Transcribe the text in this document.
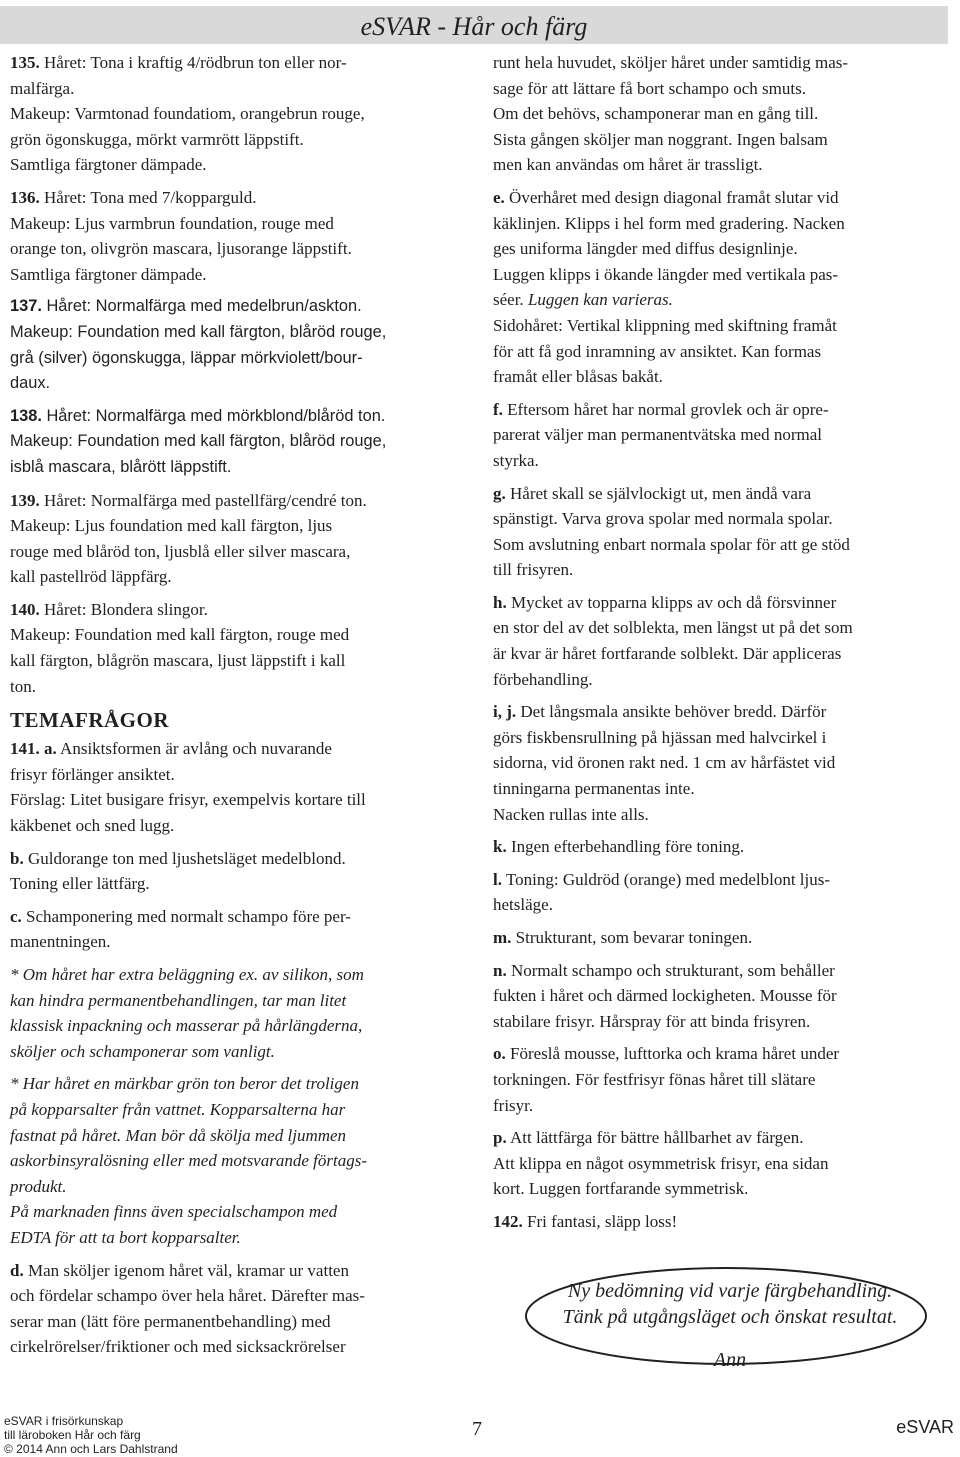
eSVAR - Hår och färg
135. Håret: Tona i kraftig 4/rödbrun ton eller nor-
malfärga.
Makeup: Varmtonad foundatiom, orangebrun rouge,
grön ögonskugga, mörkt varmrött läppstift.
Samtliga färgtoner dämpade.
136. Håret: Tona med 7/kopparguld.
Makeup: Ljus varmbrun foundation, rouge med
orange ton, olivgrön mascara, ljusorange läppstift.
Samtliga färgtoner dämpade.
137. Håret: Normalfärga med medelbrun/askton.
Makeup: Foundation med kall färgton, blåröd rouge,
grå (silver) ögonskugga, läppar mörkviolett/bour-
daux.
138. Håret: Normalfärga med mörkblond/blåröd ton.
Makeup: Foundation med kall färgton, blåröd rouge,
isblå mascara, blårött läppstift.
139. Håret: Normalfärga med pastellfärg/cendré ton.
Makeup: Ljus foundation med kall färgton, ljus
rouge med blåröd ton, ljusblå eller silver mascara,
kall pastellröd läppfärg.
140. Håret: Blondera slingor.
Makeup: Foundation med kall färgton, rouge med
kall färgton, blågrön mascara, ljust läppstift i kall
ton.
TEMAFRÅGOR
141. a. Ansiktsformen är avlång och nuvarande
frisyr förlänger ansiktet.
Förslag: Litet busigare frisyr, exempelvis kortare till
käkbenet och sned lugg.
b. Guldorange ton med ljushetsläget medelblond.
Toning eller lättfärg.
c. Schamponering med normalt schampo före per-
manentningen.
* Om håret har extra beläggning ex. av silikon, som
kan hindra permanentbehandlingen, tar man litet
klassisk inpackning och masserar på hårlängderna,
sköljer och schamponerar som vanligt.
* Har håret en märkbar grön ton beror det troligen
på kopparsalter från vattnet. Kopparsalterna har
fastnat på håret. Man bör då skölja med ljummen
askorbinsyralösning eller med motsvarande förtags-
produkt.
På marknaden finns även specialschampon med
EDTA för att ta bort kopparsalter.
d. Man sköljer igenom håret väl, kramar ur vatten
och fördelar schampo över hela håret. Därefter mas-
serar man (lätt före permanentbehandling) med
cirkelrörelser/friktioner och med sicksackrörelser
runt hela huvudet, sköljer håret under samtidig mas-
sage för att lättare få bort schampo och smuts.
Om det behövs, schamponerar man en gång till.
Sista gången sköljer man noggrant. Ingen balsam
men kan användas om håret är trassligt.
e. Överhåret med design diagonal framåt slutar vid
käklinjen. Klipps i hel form med gradering. Nacken
ges uniforma längder med diffus designlinje.
Luggen klipps i ökande längder med vertikala pas-
séer. Luggen kan varieras.
Sidohåret: Vertikal klippning med skiftning framåt
för att få god inramning av ansiktet. Kan formas
framåt eller blåsas bakåt.
f. Eftersom håret har normal grovlek och är opre-
parerat väljer man permanentvätska med normal
styrka.
g. Håret skall se självlockigt ut, men ändå vara
spänstigt. Varva grova spolar med normala spolar.
Som avslutning enbart normala spolar för att ge stöd
till frisyren.
h. Mycket av topparna klipps av och då försvinner
en stor del av det solblekta, men längst ut på det som
är kvar är håret fortfarande solblekt. Där appliceras
förbehandling.
i, j. Det långsmala ansikte behöver bredd. Därför
görs fiskbensrullning på hjässan med halvcirkel i
sidorna, vid öronen rakt ned. 1 cm av hårfästet vid
tinningarna permanentas inte.
Nacken rullas inte alls.
k. Ingen efterbehandling före toning.
l. Toning: Guldröd (orange) med medelblont ljus-
hetsläge.
m. Strukturant, som bevarar toningen.
n. Normalt schampo och strukturant, som behåller
fukten i håret och därmed lockigheten. Mousse för
stabilare frisyr. Hårspray för att binda frisyren.
o. Föreslå mousse, lufttorka och krama håret under
torkningen. För festfrisyr fönas håret till slätare
frisyr.
p. Att lättfärga för bättre hållbarhet av färgen.
Att klippa en något osymmetrisk frisyr, ena sidan
kort. Luggen fortfarande symmetrisk.
142. Fri fantasi, släpp loss!
Ny bedömning vid varje färgbehandling.
Tänk på utgångsläget och önskat resultat.
Ann
eSVAR i frisörkunskap
till läroboken Hår och färg
© 2014 Ann och Lars Dahlstrand
7	eSVAR
